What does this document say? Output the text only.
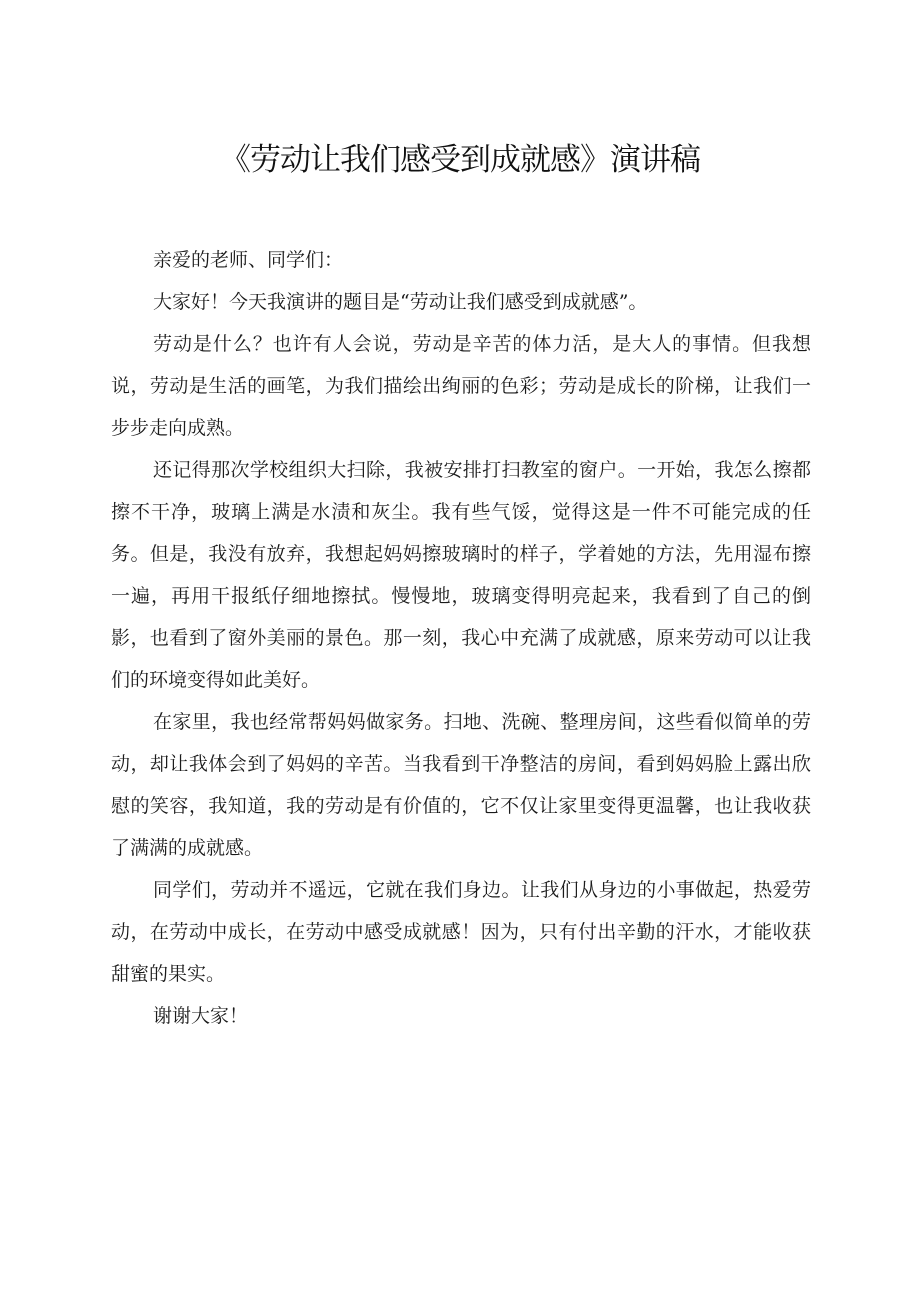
《劳动让我们感受到成就感》演讲稿

亲爱的老师、同学们：

大家好！今天我演讲的题目是“劳动让我们感受到成就感”。

劳动是什么？也许有人会说，劳动是辛苦的体力活，是大人的事情。但我想说，劳动是生活的画笔，为我们描绘出绚丽的色彩；劳动是成长的阶梯，让我们一步步走向成熟。

还记得那次学校组织大扫除，我被安排打扫教室的窗户。一开始，我怎么擦都擦不干净，玻璃上满是水渍和灰尘。我有些气馁，觉得这是一件不可能完成的任务。但是，我没有放弃，我想起妈妈擦玻璃时的样子，学着她的方法，先用湿布擦一遍，再用干报纸仔细地擦拭。慢慢地，玻璃变得明亮起来，我看到了自己的倒影，也看到了窗外美丽的景色。那一刻，我心中充满了成就感，原来劳动可以让我们的环境变得如此美好。

在家里，我也经常帮妈妈做家务。扫地、洗碗、整理房间，这些看似简单的劳动，却让我体会到了妈妈的辛苦。当我看到干净整洁的房间，看到妈妈脸上露出欣慰的笑容，我知道，我的劳动是有价值的，它不仅让家里变得更温馨，也让我收获了满满的成就感。

同学们，劳动并不遥远，它就在我们身边。让我们从身边的小事做起，热爱劳动，在劳动中成长，在劳动中感受成就感！因为，只有付出辛勤的汗水，才能收获甜蜜的果实。

谢谢大家！
